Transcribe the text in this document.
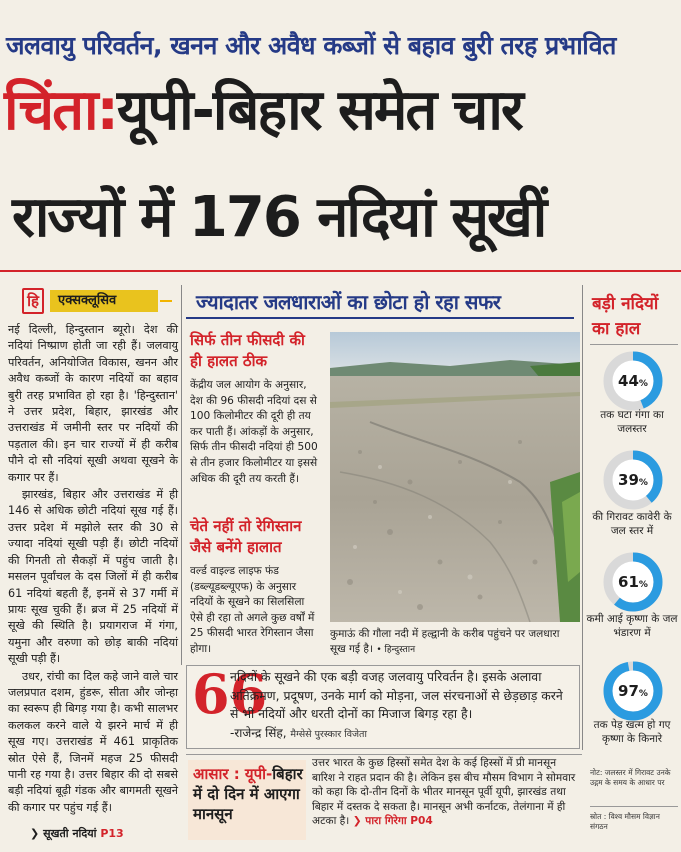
जलवायु परिवर्तन, खनन और अवैध कब्जों से बहाव बुरी तरह प्रभावित
चिंता:यूपी-बिहार समेत चार
राज्यों में 176 नदियां सूखीं
हि	एक्सक्लूसिव

नई दिल्ली, हिन्दुस्तान ब्यूरो। देश की नदियां निष्प्राण होती जा रही हैं। जलवायु परिवर्तन, अनियोजित विकास, खनन और अवैध कब्जों के कारण नदियों का बहाव बुरी तरह प्रभावित हो रहा है। 'हिन्दुस्तान' ने उत्तर प्रदेश, बिहार, झारखंड और उत्तराखंड में जमीनी स्तर पर नदियों की पड़ताल की। इन चार राज्यों में ही करीब पौने दो सौ नदियां सूखी अथवा सूखने के कगार पर हैं।

झारखंड, बिहार और उत्तराखंड में ही 146 से अधिक छोटी नदियां सूख गई हैं। उत्तर प्रदेश में मझोले स्तर की 30 से ज्यादा नदियां सूखी पड़ी हैं। छोटी नदियों की गिनती तो सैकड़ों में पहुंच जाती है। मसलन पूर्वांचल के दस जिलों में ही करीब 61 नदियां बहती हैं, इनमें से 37 गर्मी में प्रायः सूख चुकी हैं। ब्रज में 25 नदियों में सूखे की स्थिति है। प्रयागराज में गंगा, यमुना और वरुणा को छोड़ बाकी नदियां सूखी पड़ी हैं।

उधर, रांची का दिल कहे जाने वाले चार जलप्रपात दशम, हुंडरू, सीता और जोन्हा का स्वरूप ही बिगड़ गया है। कभी सालभर कलकल करने वाले ये झरने मार्च में ही सूख गए। उत्तराखंड में 461 प्राकृतिक स्रोत ऐसे हैं, जिनमें महज 25 फीसदी पानी रह गया है। उत्तर बिहार की दो सबसे बड़ी नदियां बूढ़ी गंडक और बागमती सूखने की कगार पर पहुंच गई हैं।

❯ सूखती नदियां P13
ज्यादातर जलधाराओं का छोटा हो रहा सफर
सिर्फ तीन फीसदी की ही हालत ठीक
केंद्रीय जल आयोग के अनुसार, देश की 96 फीसदी नदियां दस से 100 किलोमीटर की दूरी ही तय कर पाती हैं। आंकड़ों के अनुसार, सिर्फ तीन फीसदी नदियां ही 500 से तीन हजार किलोमीटर या इससे अधिक की दूरी तय करती हैं।
चेते नहीं तो रेगिस्तान जैसे बनेंगे हालात
वर्ल्ड वाइल्ड लाइफ फंड (डब्ल्यूडब्ल्यूएफ) के अनुसार नदियों के सूखने का सिलसिला ऐसे ही रहा तो अगले कुछ वर्षों में 25 फीसदी भारत रेगिस्तान जैसा होगा।
कुमाऊं की गौला नदी में हल्द्वानी के करीब पहुंचने पर जलधारा सूख गई है। • हिन्दुस्तान
बड़ी नदियों का हाल
44%
तक घटा गंगा का जलस्तर
39%
की गिरावट कावेरी के जल स्तर में
61%
कमी आई कृष्णा के जल भंडारण में
97%
तक पेड़ खत्म हो गए कृष्णा के किनारे
नोट: जलस्तर में गिरावट उनके उद्गम के समय के आधार पर
स्रोत : विश्व मौसम विज्ञान संगठन
66
नदियों के सूखने की एक बड़ी वजह जलवायु परिवर्तन है। इसके अलावा अतिक्रमण, प्रदूषण, उनके मार्ग को मोड़ना, जल संरचनाओं से छेड़छाड़ करने से भी नदियों और धरती दोनों का मिजाज बिगड़ रहा है।
-राजेन्द्र सिंह, मैग्सेसे पुरस्कार विजेता
आसार : यूपी-बिहार में दो दिन में आएगा मानसून
उत्तर भारत के कुछ हिस्सों समेत देश के कई हिस्सों में प्री मानसून बारिश ने राहत प्रदान की है। लेकिन इस बीच मौसम विभाग ने सोमवार को कहा कि दो-तीन दिनों के भीतर मानसून पूर्वी यूपी, झारखंड तथा बिहार में दस्तक दे सकता है। मानसून अभी कर्नाटक, तेलंगाना में ही अटका है। ❯ पारा गिरेगा P04
